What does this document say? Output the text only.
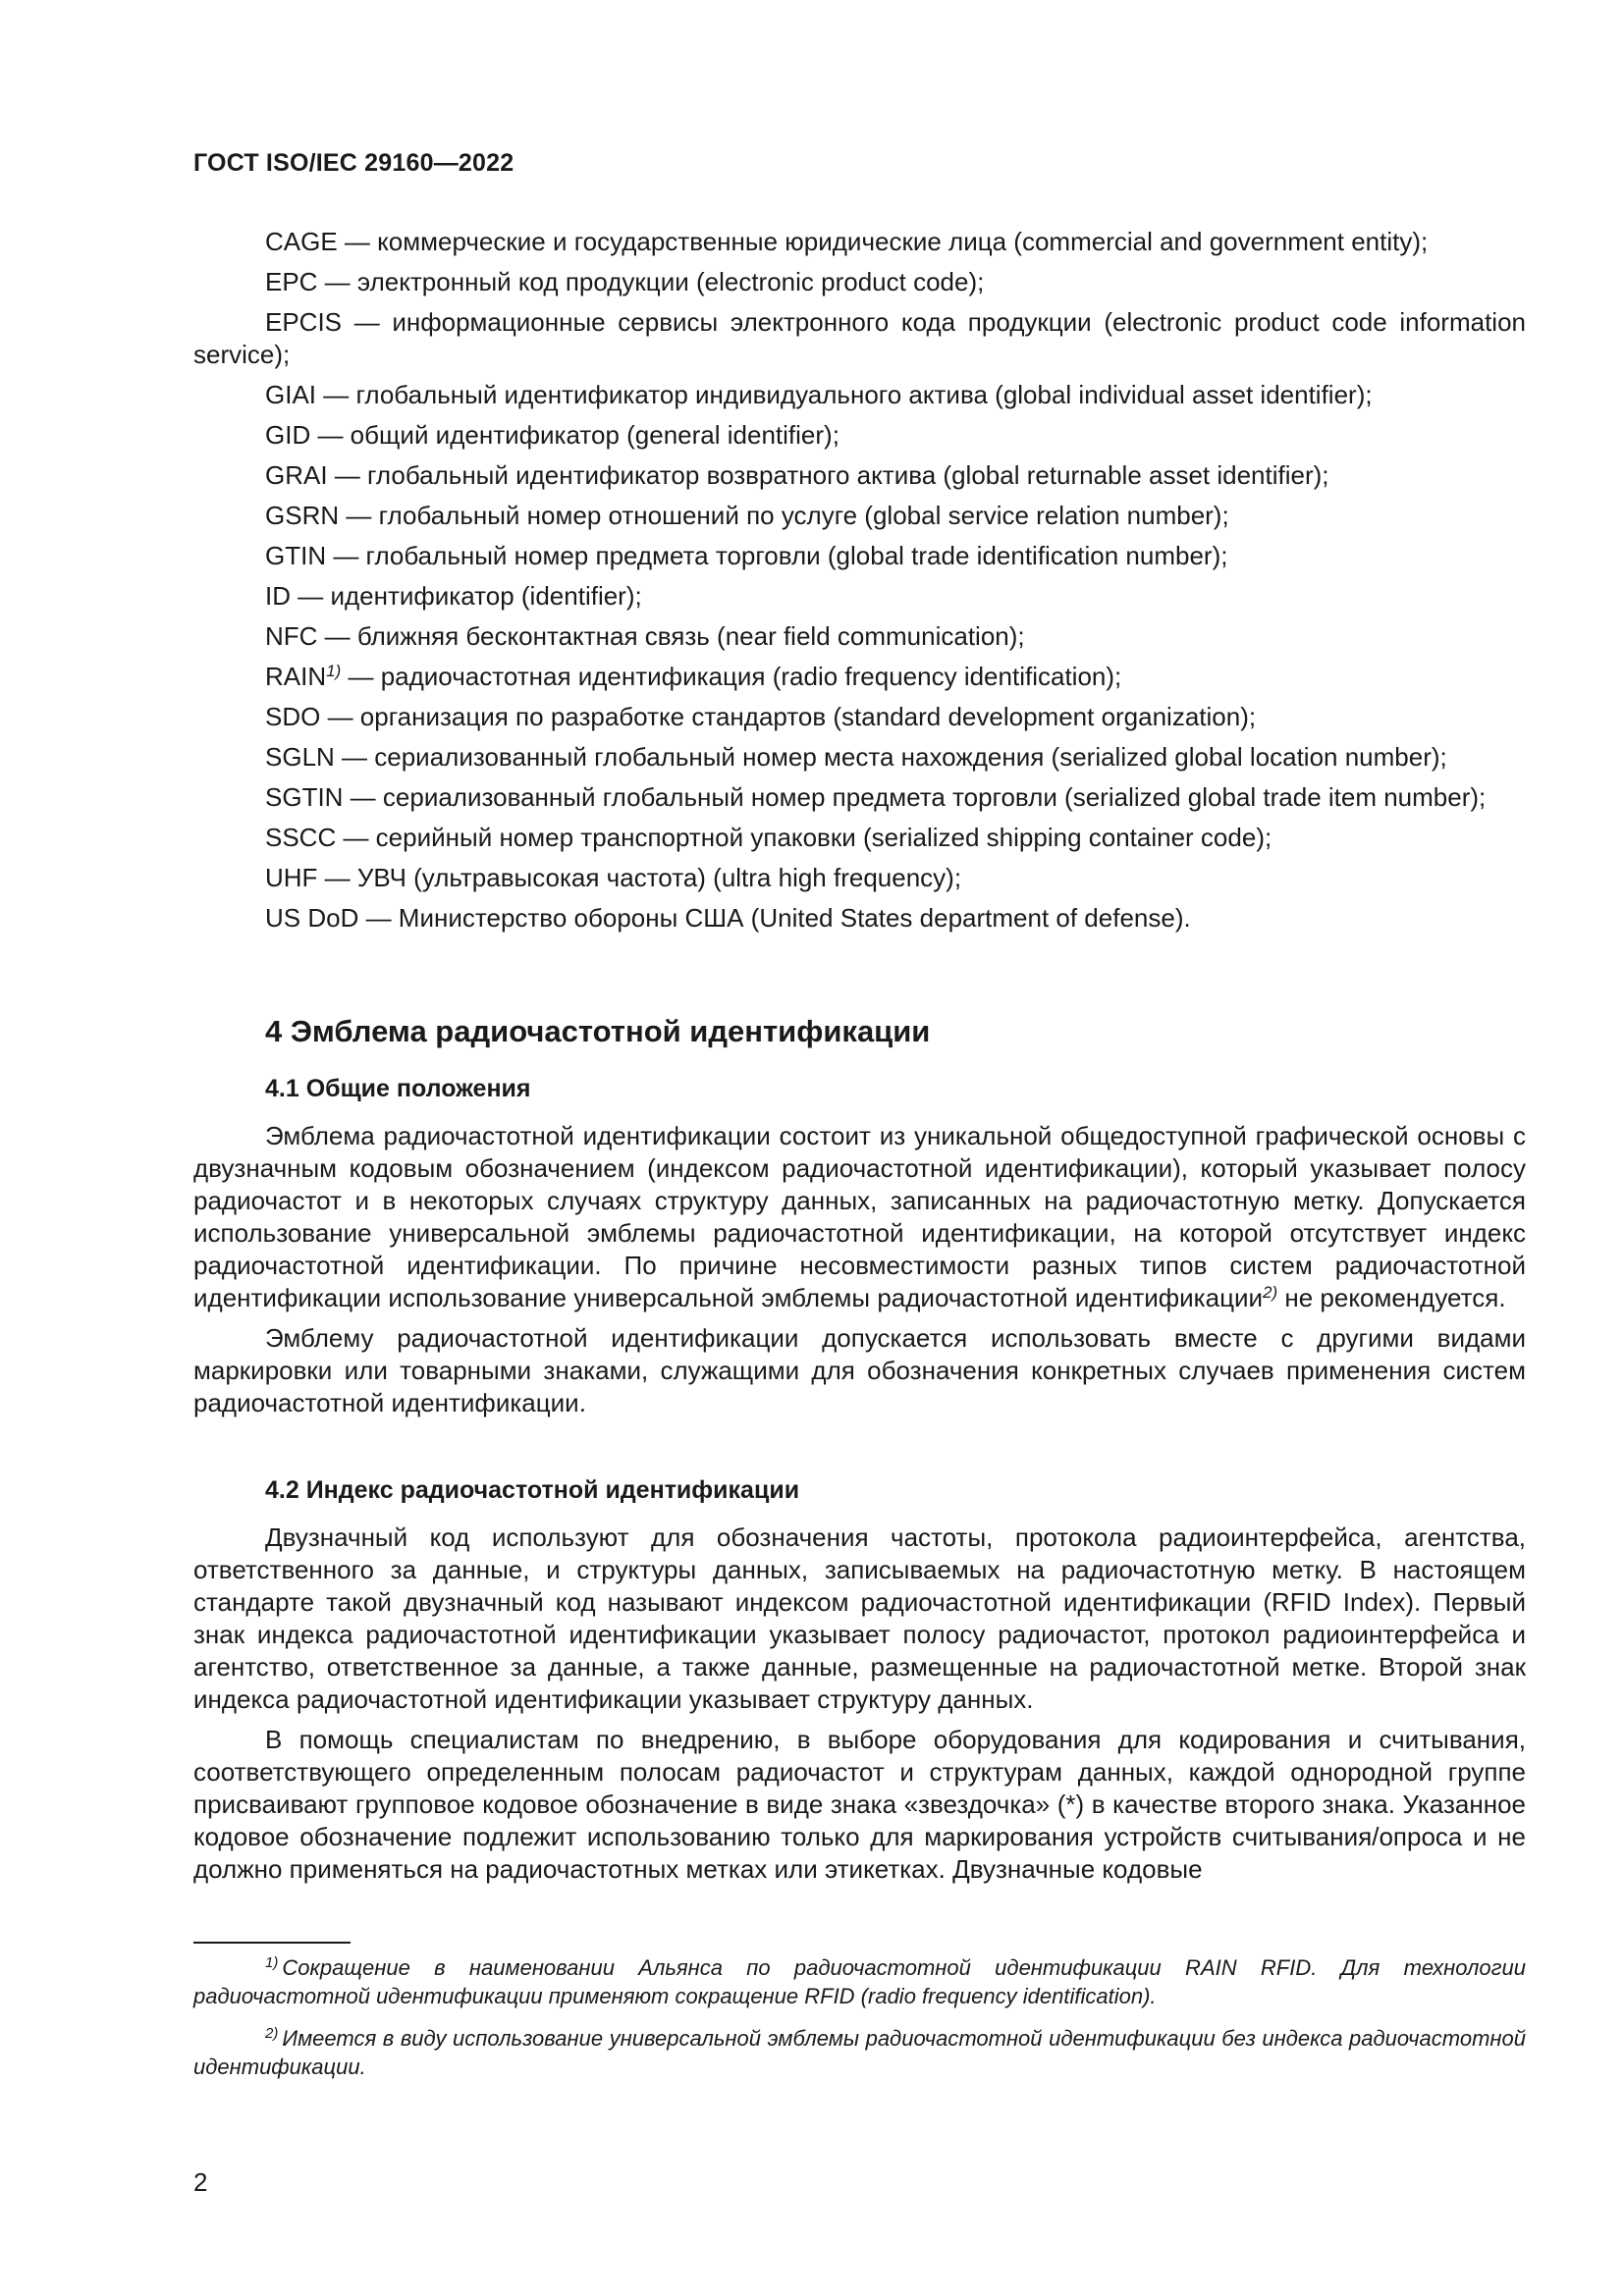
ГОСТ ISO/IEC 29160—2022

CAGE — коммерческие и государственные юридические лица (commercial and government entity);

EPC — электронный код продукции (electronic product code);

EPCIS — информационные сервисы электронного кода продукции (electronic product code information service);

GIAI — глобальный идентификатор индивидуального актива (global individual asset identifier);

GID — общий идентификатор (general identifier);

GRAI — глобальный идентификатор возвратного актива (global returnable asset identifier);

GSRN — глобальный номер отношений по услуге (global service relation number);

GTIN — глобальный номер предмета торговли (global trade identification number);

ID — идентификатор (identifier);

NFC — ближняя бесконтактная связь (near field communication);

RAIN$^{1)}$ — радиочастотная идентификация (radio frequency identification);

SDO — организация по разработке стандартов (standard development organization);

SGLN — сериализованный глобальный номер места нахождения (serialized global location number);

SGTIN — сериализованный глобальный номер предмета торговли (serialized global trade item number);

SSCC — серийный номер транспортной упаковки (serialized shipping container code);

UHF — УВЧ (ультравысокая частота) (ultra high frequency);

US DoD — Министерство обороны США (United States department of defense).

4 Эмблема радиочастотной идентификации
4.1 Общие положения

Эмблема радиочастотной идентификации состоит из уникальной общедоступной графической основы с двузначным кодовым обозначением (индексом радиочастотной идентификации), который указывает полосу радиочастот и в некоторых случаях структуру данных, записанных на радиочастотную метку. Допускается использование универсальной эмблемы радиочастотной идентификации, на которой отсутствует индекс радиочастотной идентификации. По причине несовместимости разных типов систем радиочастотной идентификации использование универсальной эмблемы радиочастотной идентификации$^{2)}$ не рекомендуется.

Эмблему радиочастотной идентификации допускается использовать вместе с другими видами маркировки или товарными знаками, служащими для обозначения конкретных случаев применения систем радиочастотной идентификации.

4.2 Индекс радиочастотной идентификации

Двузначный код используют для обозначения частоты, протокола радиоинтерфейса, агентства, ответственного за данные, и структуры данных, записываемых на радиочастотную метку. В настоящем стандарте такой двузначный код называют индексом радиочастотной идентификации (RFID Index). Первый знак индекса радиочастотной идентификации указывает полосу радиочастот, протокол радиоинтерфейса и агентство, ответственное за данные, а также данные, размещенные на радиочастотной метке. Второй знак индекса радиочастотной идентификации указывает структуру данных.

В помощь специалистам по внедрению, в выборе оборудования для кодирования и считывания, соответствующего определенным полосам радиочастот и структурам данных, каждой однородной группе присваивают групповое кодовое обозначение в виде знака «звездочка» (*) в качестве второго знака. Указанное кодовое обозначение подлежит использованию только для маркирования устройств считывания/опроса и не должно применяться на радиочастотных метках или этикетках. Двузначные кодовые

$^{1)}$ Сокращение в наименовании Альянса по радиочастотной идентификации RAIN RFID. Для технологии радиочастотной идентификации применяют сокращение RFID (radio frequency identification).

$^{2)}$ Имеется в виду использование универсальной эмблемы радиочастотной идентификации без индекса радиочастотной идентификации.

2
